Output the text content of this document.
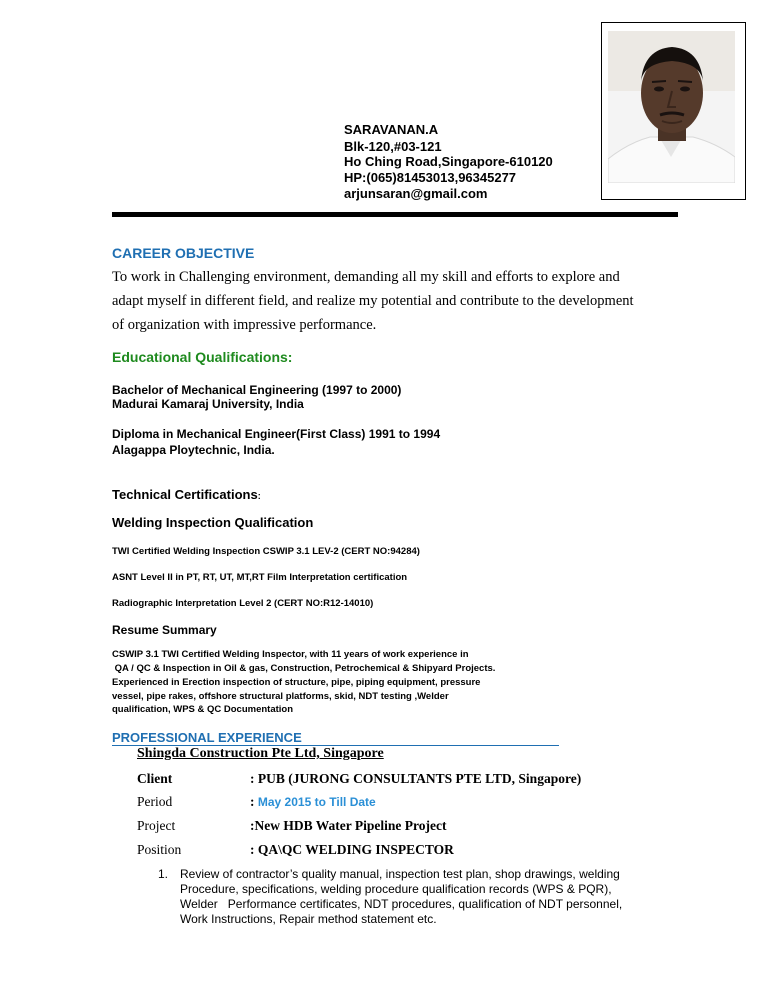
SARAVANAN.A
Blk-120,#03-121
Ho Ching Road,Singapore-610120
HP:(065)81453013,96345277
arjunsaran@gmail.com
CAREER OBJECTIVE
To work in Challenging environment, demanding all my skill and efforts to explore and
adapt myself in different field, and realize my potential and contribute to the development
of organization with impressive performance.
Educational Qualifications:
Bachelor of Mechanical Engineering (1997 to 2000)
Madurai Kamaraj University, India
Diploma in Mechanical Engineer(First Class) 1991 to 1994
Alagappa Ploytechnic, India.
Technical Certifications:
Welding Inspection Qualification
TWI Certified Welding Inspection CSWIP 3.1 LEV-2 (CERT NO:94284)
ASNT Level II in PT, RT, UT, MT,RT Film Interpretation certification
Radiographic Interpretation Level 2 (CERT NO:R12-14010)
Resume Summary
CSWIP 3.1 TWI Certified Welding Inspector, with 11 years of work experience in
QA / QC & Inspection in Oil & gas, Construction, Petrochemical & Shipyard Projects.
Experienced in Erection inspection of structure, pipe, piping equipment, pressure
vessel, pipe rakes, offshore structural platforms, skid, NDT testing ,Welder
qualification, WPS & QC Documentation
PROFESSIONAL EXPERIENCE
Shingda Construction Pte Ltd, Singapore
Client	: PUB (JURONG CONSULTANTS PTE LTD, Singapore)
Period	: May 2015 to Till Date
Project	:New HDB Water Pipeline Project
Position	: QA\QC WELDING INSPECTOR
1. Review of contractor’s quality manual, inspection test plan, shop drawings, welding
Procedure, specifications, welding procedure qualification records (WPS & PQR),
Welder   Performance certificates, NDT procedures, qualification of NDT personnel,
Work Instructions, Repair method statement etc.
